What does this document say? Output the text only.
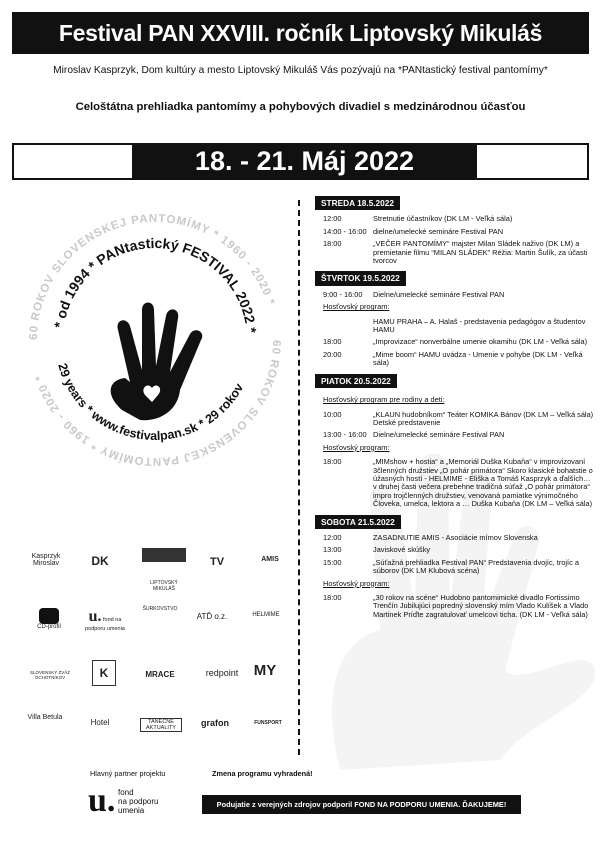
Festival PAN XXVIII. ročník Liptovský Mikuláš
Miroslav Kasprzyk, Dom kultúry a mesto Liptovský Mikuláš Vás pozývajú na *PANtastický festival pantomímy*
Celoštátna prehliadka pantomímy a pohybových divadiel s medzinárodnou účasťou
18. - 21. Máj 2022
60 ROKOV SLOVENSKEJ PANTOMÍMY * 1960 - 2020 *
60 ROKOV SLOVENSKEJ PANTOMÍMY * 1960 - 2020 *
* od 1994 * PANtastický FESTIVAL 2022 *
29 years * www.festivalpan.sk * 29 rokov
STREDA 18.5.2022
12:00	Stretnutie účastníkov (DK LM - Veľká sála)
14:00 - 16:00 dielne/umelecké semináre Festival PAN
18:00	„VEČER PANTOMÍMY“ majster Milan Sládek naživo (DK LM) a premietanie filmu “MILAN SLÁDEK” Réžia: Martin Šulík, za účasti tvorcov
ŠTVRTOK 19.5.2022
9:00 - 16:00	Dielne/umelecké semináre Festival PAN
Hosťovský program:
HAMU PRAHA – A. Halaš - predstavenia pedagógov a študentov HAMU
18:00	„Improvizace“ nonverbálne umenie okamihu (DK LM - Veľká sála)
20:00	„Mime boom“ HAMU uvádza - Umenie v pohybe (DK LM - Veľká sála)
PIATOK 20.5.2022
Hosťovský program pre rodiny a deti:
10:00	„KLAUN hudobníkom“ Teáter KOMIKA Bánov (DK LM – Veľká sála) Detské predstavenie
13:00 - 16:00 Dielne/umelecké semináre Festival PAN
Hosťovský program:
18:00	„MIMshow + hostia“ a „Memoriál Duška Kubaňa“ v improvizovaní 3členných družstiev „O pohár primátora“ Skoro klasické bohatstie o úžasných hostí - HELMIME - Eliška a Tomáš Kasprzyk a ďalších… v druhej časti večera prebehne tradičná súťaž „O pohár primátora“ impro trojčlenných družstiev, venovaná pamiatke výnimočného Človeka, umelca, lektora a … Duška Kubaňa (DK LM – Veľká sála)
SOBOTA 21.5.2022
12:00	ZASADNUTIE AMIS - Asociácie mímov Slovenska
13:00	Javiskové skúšky
15:00	„Súťažná prehliadka Festival PAN“ Predstavenia dvojíc, trojíc a súborov (DK LM Klubová scéna)
Hosťovský program:
18:00	„30 rokov na scéne“ Hudobno pantomimické divadlo Fortissimo Trenčín Jubilujúci popredný slovenský mím Vlado Kulíšek a Vlado Martinek Príďte zagratulovať umelcovi ticha. (DK LM - Veľká sála)
Kasprzyk Miroslav	DK
LIPTOVSKÝ MIKULÁŠ
TV	AMIS
CD-profil
u. fond na podporu umenia
ŠURKOVSTVO
ATĎ o.z.	HELMIME
SLOVENSKÝ ZVÄZ OCHOTNÍKOV	K	MRACE	redpoint MY
Villa Betula
Hotel	TANEČNÉ AKTUALITY	grafon	FUNSPORT
Hlavný partner projektu	Zmena programu vyhradená!
u. fond
na podporu
umenia
Podujatie z verejných zdrojov podporil FOND NA PODPORU UMENIA. ĎAKUJEME!
